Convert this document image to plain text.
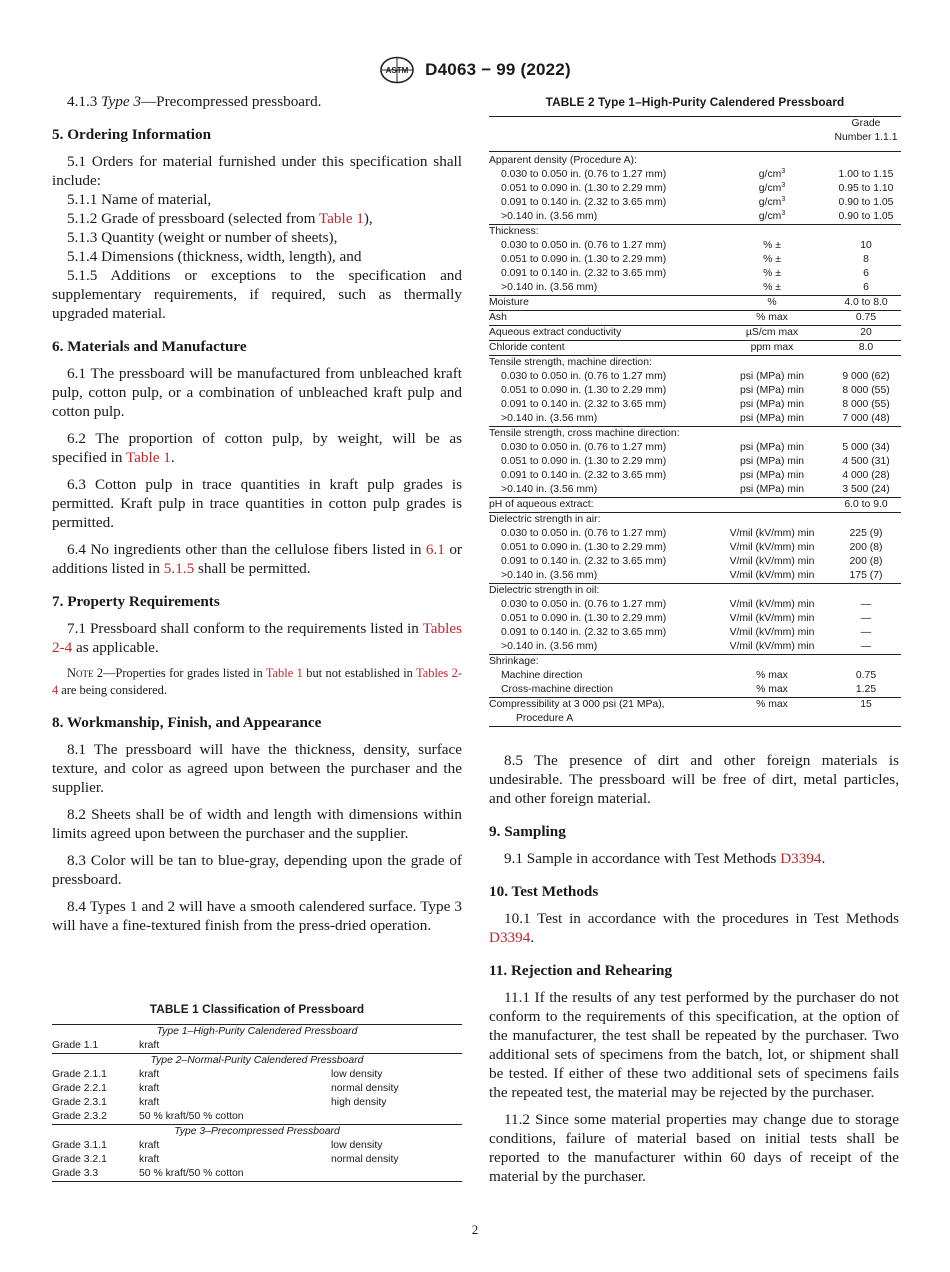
ASTM D4063 − 99 (2022)

4.1.3 Type 3—Precompressed pressboard.

5. Ordering Information

5.1 Orders for material furnished under this specification shall include:

5.1.1 Name of material,

5.1.2 Grade of pressboard (selected from Table 1),

5.1.3 Quantity (weight or number of sheets),

5.1.4 Dimensions (thickness, width, length), and

5.1.5 Additions or exceptions to the specification and supplementary requirements, if required, such as thermally upgraded material.

6. Materials and Manufacture

6.1 The pressboard will be manufactured from unbleached kraft pulp, cotton pulp, or a combination of unbleached kraft pulp and cotton pulp.

6.2 The proportion of cotton pulp, by weight, will be as specified in Table 1.

6.3 Cotton pulp in trace quantities in kraft pulp grades is permitted. Kraft pulp in trace quantities in cotton pulp grades is permitted.

6.4 No ingredients other than the cellulose fibers listed in 6.1 or additions listed in 5.1.5 shall be permitted.

7. Property Requirements

7.1 Pressboard shall conform to the requirements listed in Tables 2-4 as applicable.

Note 2—Properties for grades listed in Table 1 but not established in Tables 2-4 are being considered.

8. Workmanship, Finish, and Appearance

8.1 The pressboard will have the thickness, density, surface texture, and color as agreed upon between the purchaser and the supplier.

8.2 Sheets shall be of width and length with dimensions within limits agreed upon between the purchaser and the supplier.

8.3 Color will be tan to blue-gray, depending upon the grade of pressboard.

8.4 Types 1 and 2 will have a smooth calendered surface. Type 3 will have a fine-textured finish from the press-dried operation.

TABLE 1 Classification of Pressboard
Type 1–High-Purity Calendered Pressboard		
Grade 1.1	kraft	
Type 2–Normal-Purity Calendered Pressboard		
Grade 2.1.1	kraft	low density
Grade 2.2.1	kraft	normal density
Grade 2.3.1	kraft	high density
Grade 2.3.2	50 % kraft/50 % cotton	
Type 3–Precompressed Pressboard		
Grade 3.1.1	kraft	low density
Grade 3.2.1	kraft	normal density
Grade 3.3	50 % kraft/50 % cotton	
TABLE 2 Type 1–High-Purity Calendered Pressboard
		Grade
Number 1.1.1

Apparent density (Procedure A):		
0.030 to 0.050 in. (0.76 to 1.27 mm)	$g/cm^3$	1.00 to 1.15
0.051 to 0.090 in. (1.30 to 2.29 mm)	$g/cm^3$	0.95 to 1.10
0.091 to 0.140 in. (2.32 to 3.65 mm)	$g/cm^3$	0.90 to 1.05
>0.140 in. (3.56 mm)	$g/cm^3$	0.90 to 1.05
Thickness:		
0.030 to 0.050 in. (0.76 to 1.27 mm)	% ±	10
0.051 to 0.090 in. (1.30 to 2.29 mm)	% ±	8
0.091 to 0.140 in. (2.32 to 3.65 mm)	% ±	6
>0.140 in. (3.56 mm)	% ±	6
Moisture	%	4.0 to 8.0
Ash	% max	0.75
Aqueous extract conductivity	µS/cm max	20
Chloride content	ppm max	8.0
Tensile strength, machine direction:		
0.030 to 0.050 in. (0.76 to 1.27 mm)	psi (MPa) min	9 000 (62)
0.051 to 0.090 in. (1.30 to 2.29 mm)	psi (MPa) min	8 000 (55)
0.091 to 0.140 in. (2.32 to 3.65 mm)	psi (MPa) min	8 000 (55)
>0.140 in. (3.56 mm)	psi (MPa) min	7 000 (48)
Tensile strength, cross machine direction:		
0.030 to 0.050 in. (0.76 to 1.27 mm)	psi (MPa) min	5 000 (34)
0.051 to 0.090 in. (1.30 to 2.29 mm)	psi (MPa) min	4 500 (31)
0.091 to 0.140 in. (2.32 to 3.65 mm)	psi (MPa) min	4 000 (28)
>0.140 in. (3.56 mm)	psi (MPa) min	3 500 (24)
pH of aqueous extract:		6.0 to 9.0
Dielectric strength in air:		
0.030 to 0.050 in. (0.76 to 1.27 mm)	V/mil (kV/mm) min	225 (9)
0.051 to 0.090 in. (1.30 to 2.29 mm)	V/mil (kV/mm) min	200 (8)
0.091 to 0.140 in. (2.32 to 3.65 mm)	V/mil (kV/mm) min	200 (8)
>0.140 in. (3.56 mm)	V/mil (kV/mm) min	175 (7)
Dielectric strength in oil:		
0.030 to 0.050 in. (0.76 to 1.27 mm)	V/mil (kV/mm) min	—
0.051 to 0.090 in. (1.30 to 2.29 mm)	V/mil (kV/mm) min	—
0.091 to 0.140 in. (2.32 to 3.65 mm)	V/mil (kV/mm) min	—
>0.140 in. (3.56 mm)	V/mil (kV/mm) min	—
Shrinkage:		
Machine direction	% max	0.75
Cross-machine direction	% max	1.25
Compressibility at 3 000 psi (21 MPa),
Procedure A	% max	15

8.5 The presence of dirt and other foreign materials is undesirable. The pressboard will be free of dirt, metal particles, and other foreign material.

9. Sampling

9.1 Sample in accordance with Test Methods D3394.

10. Test Methods

10.1 Test in accordance with the procedures in Test Methods D3394.

11. Rejection and Rehearing

11.1 If the results of any test performed by the purchaser do not conform to the requirements of this specification, at the option of the manufacturer, the test shall be repeated by the purchaser. Two additional sets of specimens from the batch, lot, or shipment shall be tested. If either of these two additional sets of specimens fails the repeated test, the material may be rejected by the purchaser.

11.2 Since some material properties may change due to storage conditions, failure of material based on initial tests shall be reported to the manufacturer within 60 days of receipt of the material by the purchaser.

2
